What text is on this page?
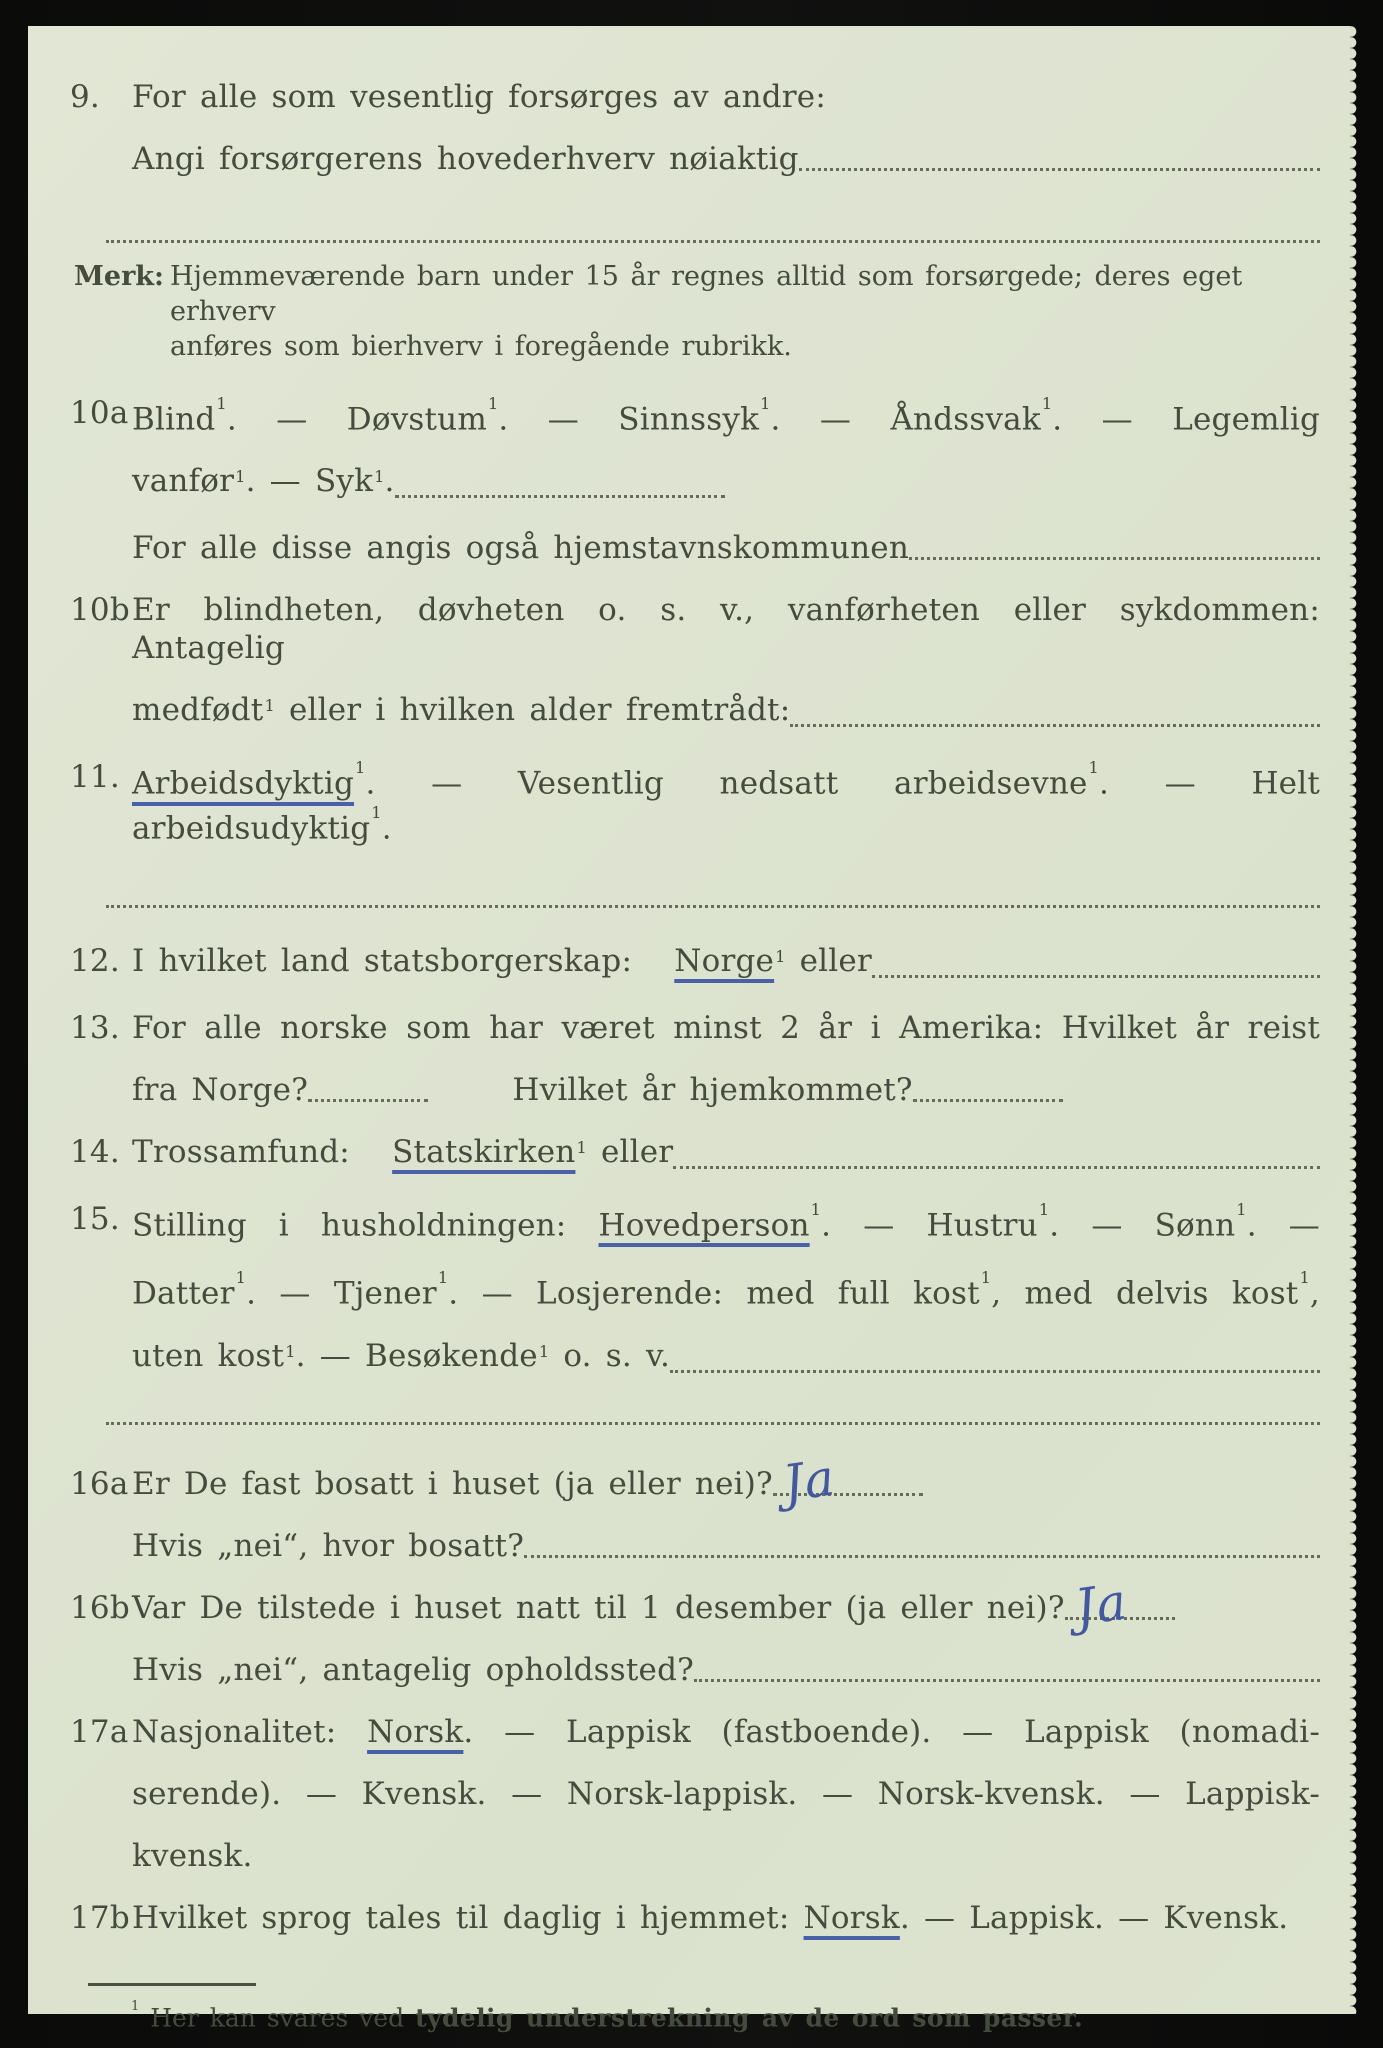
9.	For alle som vesentlig forsørges av andre:
Angi forsørgerens hovederhverv nøiaktig
Merk: Hjemmeværende barn under 15 år regnes alltid som forsørgede; deres eget erhverv
anføres som bierhverv i foregående rubrikk.
10a Blind$^1$. — Døvstum$^1$. — Sinnssyk$^1$. — Åndssvak$^1$. — Legemlig
vanfør$^1$ . — Syk$^1$ .
For alle disse angis også hjemstavnskommunen
10b Er blindheten, døvheten o. s. v., vanførheten eller sykdommen: Antagelig
medfødt$^1$ eller i hvilken alder fremtrådt:
11. Arbeidsdyktig$^1$. — Vesentlig nedsatt arbeidsevne$^1$. — Helt arbeidsudyktig$^1$.
12. I hvilket land statsborgerskap: Norge$^1$ eller
13. For alle norske som har været minst 2 år i Amerika: Hvilket år reist
fra Norge?	Hvilket år hjemkommet?
14. Trossamfund: Statskirken$^1$ eller
15. Stilling i husholdningen: Hovedperson$^1$. — Hustru$^1$. — Sønn$^1$. —
Datter$^1$. — Tjener$^1$. — Losjerende: med full kost$^1$, med delvis kost$^1$,
uten kost$^1$ . — Besøkende$^1$ o. s. v.
16a Er De fast bosatt i huset (ja eller nei)? Ja
Hvis „nei“, hvor bosatt?
16b Var De tilstede i huset natt til 1 desember (ja eller nei)? Ja
Hvis „nei“, antagelig opholdssted?
17a Nasjonalitet: Norsk. — Lappisk (fastboende). — Lappisk (nomadi-
serende). — Kvensk. — Norsk-lappisk. — Norsk-kvensk. — Lappisk-
kvensk.
17b Hvilket sprog tales til daglig i hjemmet: Norsk. — Lappisk. — Kvensk.
$^1$ Her kan svares ved tydelig understrekning av de ord som passer.
